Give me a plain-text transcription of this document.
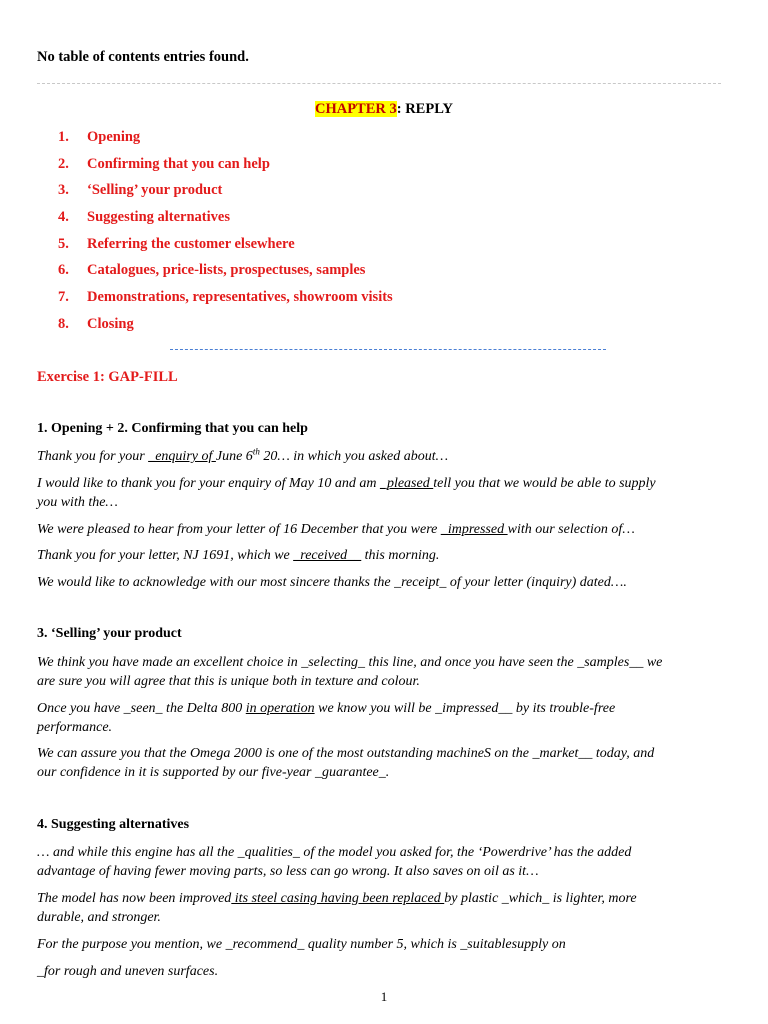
No table of contents entries found.
CHAPTER 3: REPLY
1. Opening
2. Confirming that you can help
3. ‘Selling’ your product
4. Suggesting alternatives
5. Referring the customer elsewhere
6. Catalogues, price-lists, prospectuses, samples
7. Demonstrations, representatives, showroom visits
8. Closing
Exercise 1: GAP-FILL
1. Opening + 2. Confirming that you can help
Thank you for your _enquiry of June 6th 20… in which you asked about…
I would like to thank you for your enquiry of May 10 and am _pleased tell you that we would be able to supply
you with the…
We were pleased to hear from your letter of 16 December that you were _impressed with our selection of…
Thank you for your letter, NJ 1691, which we _received__ this morning.
We would like to acknowledge with our most sincere thanks the _receipt_ of your letter (inquiry) dated….
3. ‘Selling’ your product
We think you have made an excellent choice in _selecting_ this line, and once you have seen the _samples__ we
are sure you will agree that this is unique both in texture and colour.
Once you have _seen_ the Delta 800 in operation we know you will be _impressed__ by its trouble-free
performance.
We can assure you that the Omega 2000 is one of the most outstanding machineS on the _market__ today, and
our confidence in it is supported by our five-year _guarantee_.
4. Suggesting alternatives
… and while this engine has all the _qualities_ of the model you asked for, the ‘Powerdrive’ has the added
advantage of having fewer moving parts, so less can go wrong. It also saves on oil as it…
The model has now been improved its steel casing having been replaced by plastic _which_ is lighter, more
durable, and stronger.
For the purpose you mention, we _recommend_ quality number 5, which is _suitablesupply on
_for rough and uneven surfaces.
1
